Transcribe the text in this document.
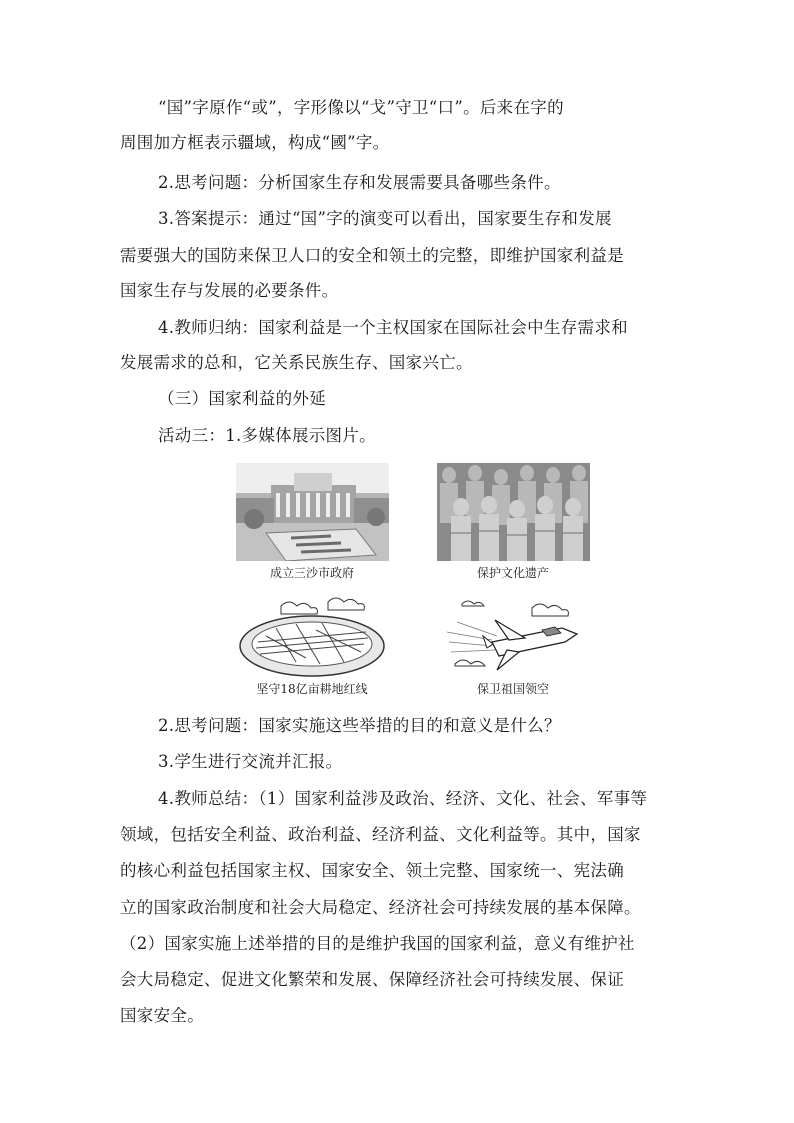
“国”字原作“或”，字形像以“戈”守卫“口”。后来在字的
周围加方框表示疆域，构成“國”字。
2.思考问题：分析国家生存和发展需要具备哪些条件。
3.答案提示：通过“国”字的演变可以看出，国家要生存和发展
需要强大的国防来保卫人口的安全和领土的完整，即维护国家利益是
国家生存与发展的必要条件。
4.教师归纳：国家利益是一个主权国家在国际社会中生存需求和
发展需求的总和，它关系民族生存、国家兴亡。
（三）国家利益的外延
活动三：1.多媒体展示图片。
成立三沙市政府	保护文化遗产
坚守18亿亩耕地红线	保卫祖国领空
2.思考问题：国家实施这些举措的目的和意义是什么？
3.学生进行交流并汇报。
4.教师总结：（1）国家利益涉及政治、经济、文化、社会、军事等
领域，包括安全利益、政治利益、经济利益、文化利益等。其中，国家
的核心利益包括国家主权、国家安全、领土完整、国家统一、宪法确
立的国家政治制度和社会大局稳定、经济社会可持续发展的基本保障。
（2）国家实施上述举措的目的是维护我国的国家利益，意义有维护社
会大局稳定、促进文化繁荣和发展、保障经济社会可持续发展、保证
国家安全。
